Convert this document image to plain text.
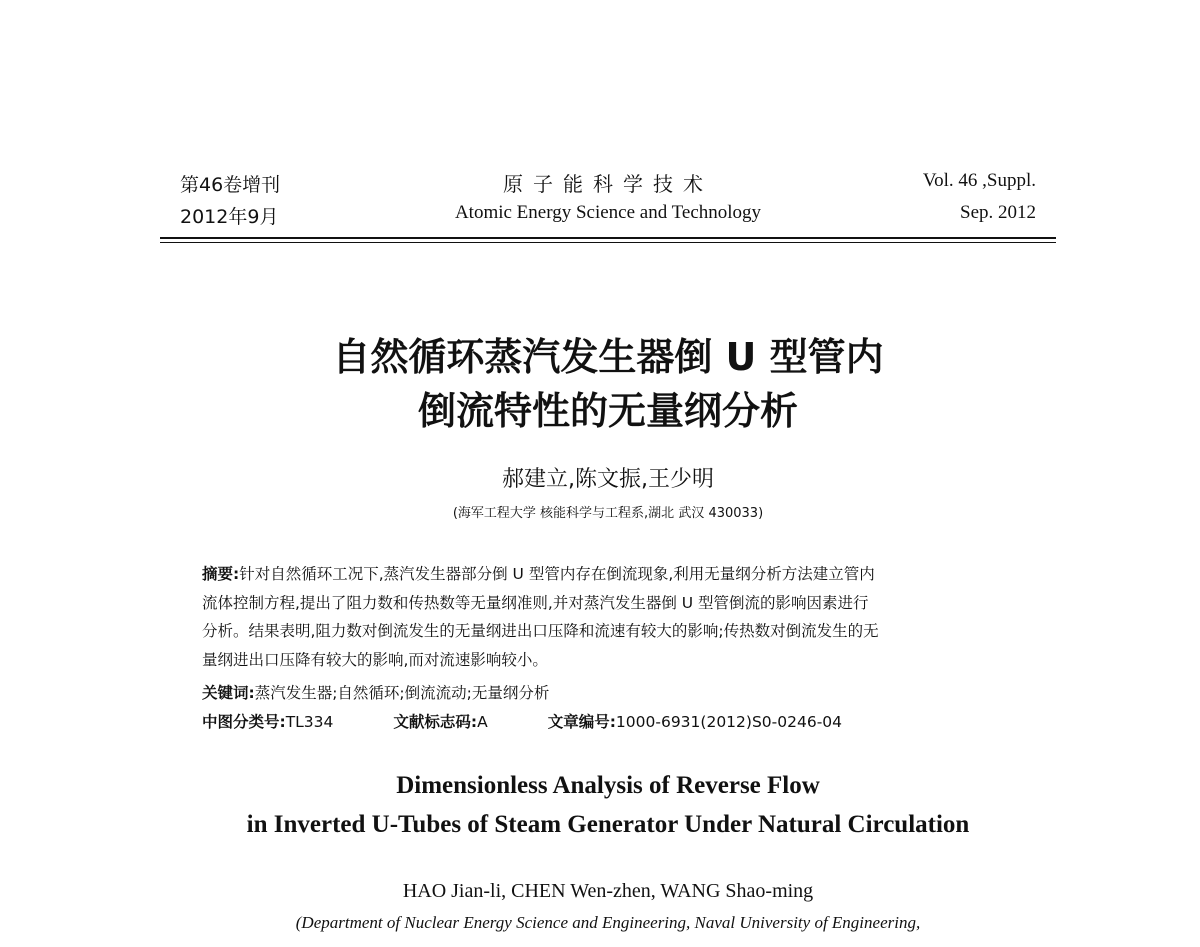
第46卷增刊
2012年9月
原子能科学技术
Atomic Energy Science and Technology
Vol. 46 ,Suppl.
Sep. 2012
自然循环蒸汽发生器倒 U 型管内
倒流特性的无量纲分析
郝建立,陈文振,王少明
(海军工程大学 核能科学与工程系,湖北 武汉 430033)
摘要:针对自然循环工况下,蒸汽发生器部分倒 U 型管内存在倒流现象,利用无量纲分析方法建立管内
流体控制方程,提出了阻力数和传热数等无量纲准则,并对蒸汽发生器倒 U 型管倒流的影响因素进行
分析。结果表明,阻力数对倒流发生的无量纲进出口压降和流速有较大的影响;传热数对倒流发生的无
量纲进出口压降有较大的影响,而对流速影响较小。
关键词:蒸汽发生器;自然循环;倒流流动;无量纲分析
中图分类号:TL334	文献标志码:A	文章编号:1000-6931(2012)S0-0246-04
Dimensionless Analysis of Reverse Flow
in Inverted U-Tubes of Steam Generator Under Natural Circulation
HAO Jian-li, CHEN Wen-zhen, WANG Shao-ming
(Department of Nuclear Energy Science and Engineering, Naval University of Engineering,
